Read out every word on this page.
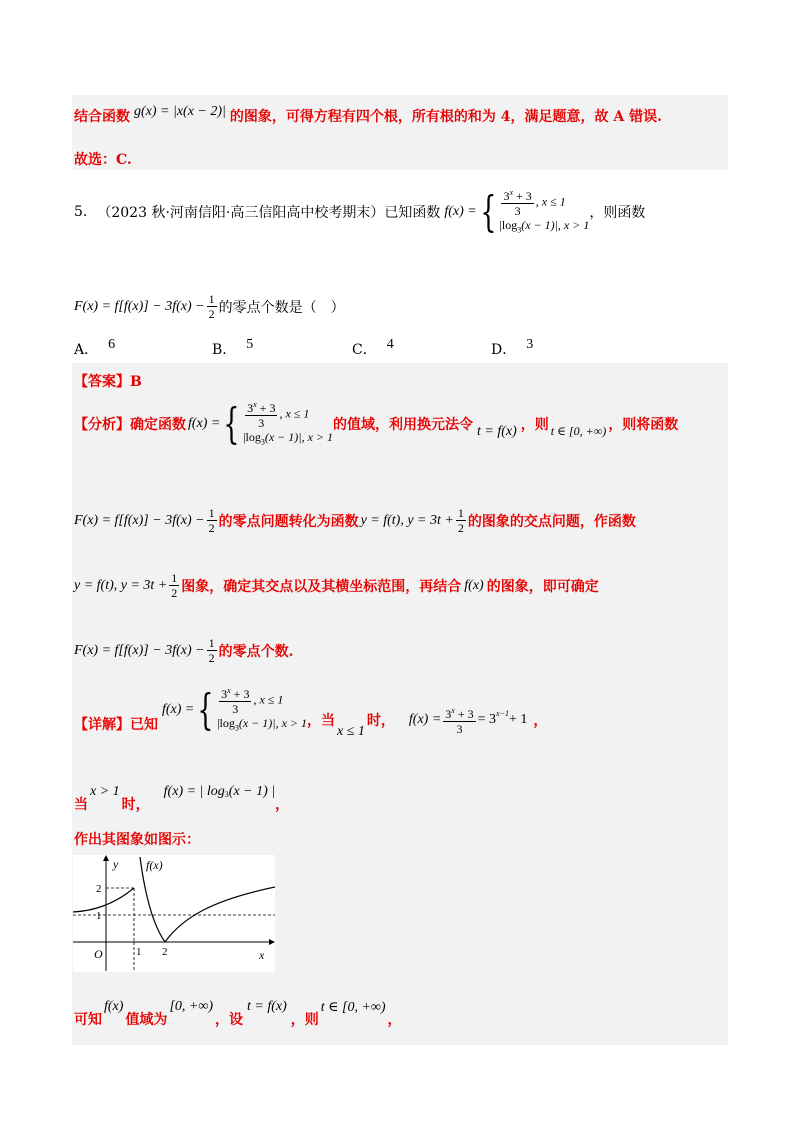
结合函数 g(x) = |x(x − 2)| 的图象，可得方程有四个根，所有根的和为 4，满足题意，故 A 错误.
故选：C.
5. （2023 秋·河南信阳·高三信阳高中校考期末）已知函数 f(x) = { $\frac{3^x + 3}{3}$ , x ≤ 1
$|\log_3(x - 1)|$, x > 1
，则函数
$F(x) = f[f(x)] - 3f(x) - \frac{1}{2}$ 的零点个数是（　）
A． 6	B． 5	C． 4	D． 3
【答案】B
【分析】确定函数 f(x) = { $\frac{3^x + 3}{3}$ , x ≤ 1
$|\log_3(x - 1)|$, x > 1
的值域，利用换元法令 t = f(x) ，则 t ∈ [0, +∞) ，则将函数
$F(x) = f[f(x)] - 3f(x) - \frac{1}{2}$ 的零点问题转化为函数 y = f(t), $y = 3t + \frac{1}{2}$ 的图象的交点问题，作函数
y = f(t), $y = 3t + \frac{1}{2}$ 图象，确定其交点以及其横坐标范围，再结合 f(x) 的图象，即可确定
$F(x) = f[f(x)] - 3f(x) - \frac{1}{2}$ 的零点个数.
【详解】已知
f(x) = { $\frac{3^x + 3}{3}$ , x ≤ 1
$|\log_3(x - 1)|$, x > 1 ，当
x ≤ 1
时， $f(x) = \frac{3^x + 3}{3} = 3^{x-1} + 1$ ，
当
x > 1
时，
f(x) = | $\log_3 (x - 1)$ |
，
作出其图象如图示：
y
x
O
f(x)
2
1
1 2
可知
f(x)
值域为
[0, +∞)
，设
t = f(x)
，则
t ∈ [0, +∞)
，
